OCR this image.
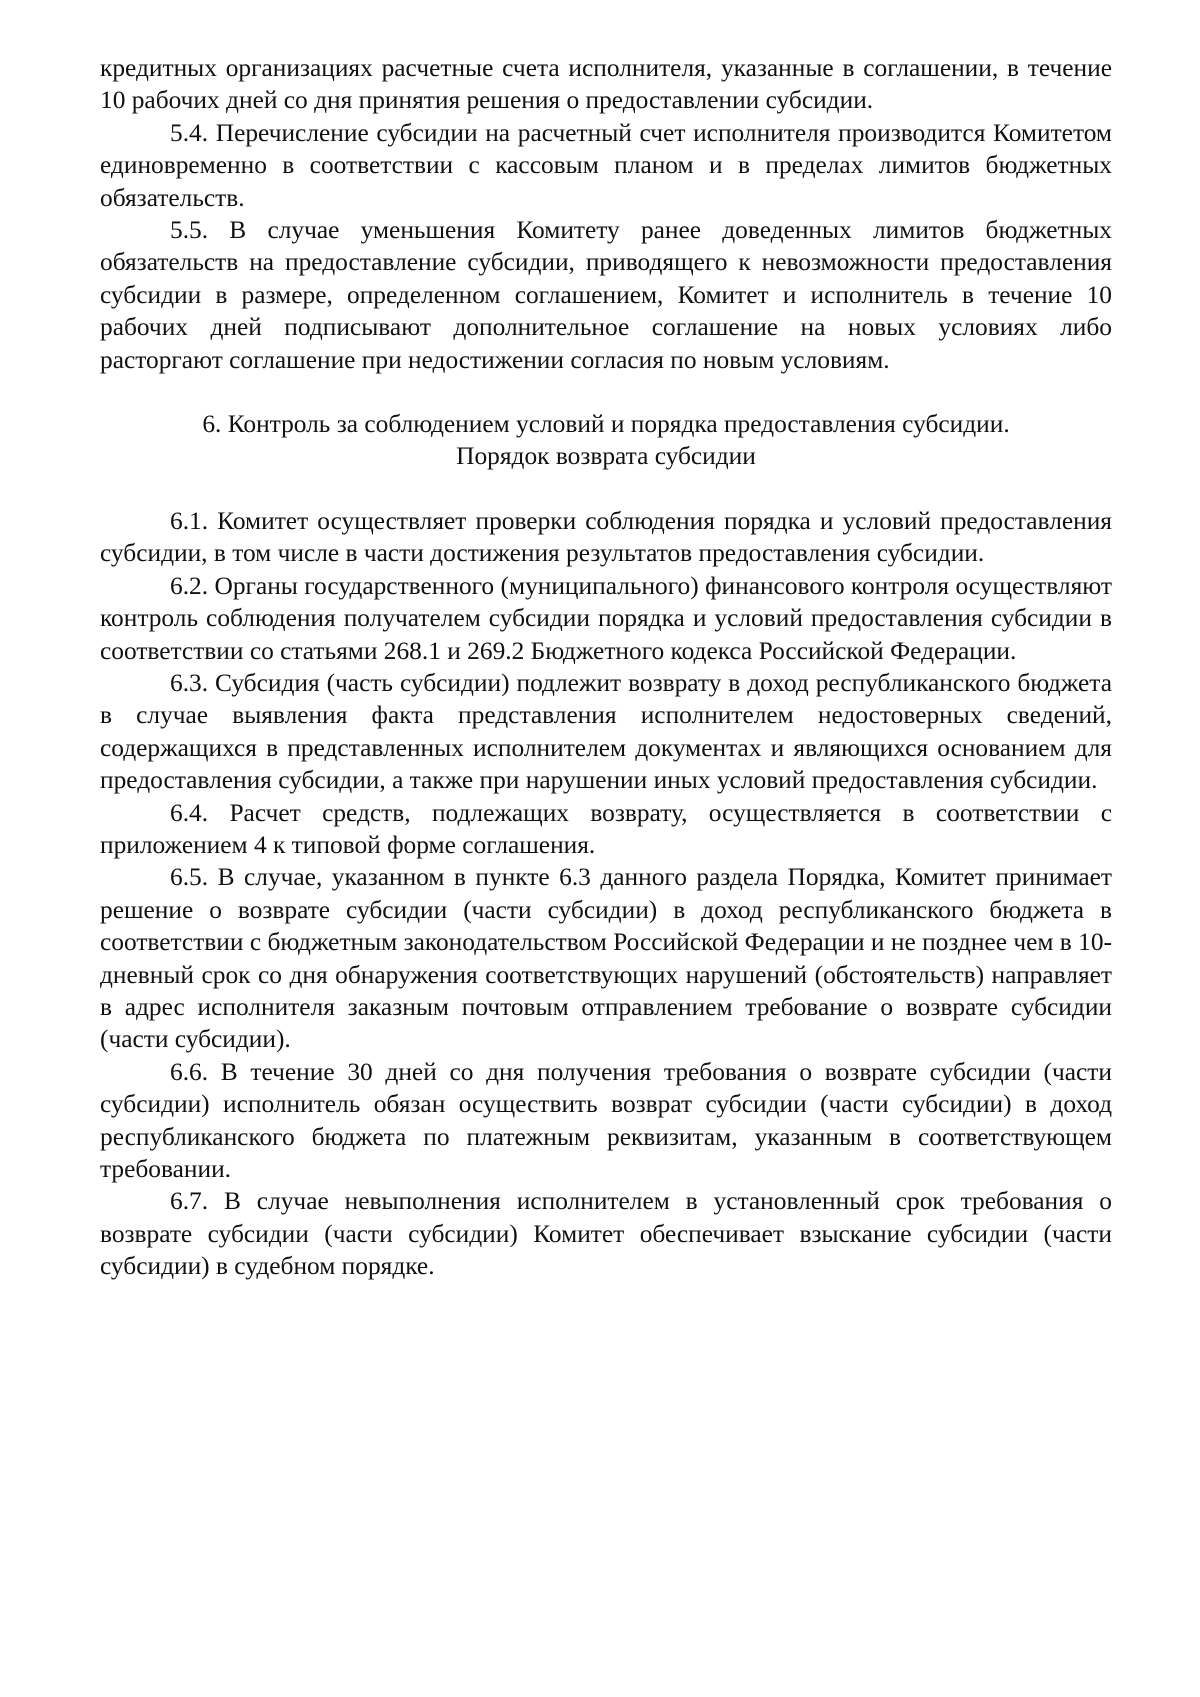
кредитных организациях расчетные счета исполнителя, указанные в соглашении, в течение 10 рабочих дней со дня принятия решения о предоставлении субсидии.

5.4. Перечисление субсидии на расчетный счет исполнителя производится Комитетом единовременно в соответствии с кассовым планом и в пределах лимитов бюджетных обязательств.

5.5. В случае уменьшения Комитету ранее доведенных лимитов бюджетных обязательств на предоставление субсидии, приводящего к невозможности предоставления субсидии в размере, определенном соглашением, Комитет и исполнитель в течение 10 рабочих дней подписывают дополнительное соглашение на новых условиях либо расторгают соглашение при недостижении согласия по новым условиям.

6. Контроль за соблюдением условий и порядка предоставления субсидии.
Порядок возврата субсидии

6.1. Комитет осуществляет проверки соблюдения порядка и условий предоставления субсидии, в том числе в части достижения результатов предоставления субсидии.

6.2. Органы государственного (муниципального) финансового контроля осуществляют контроль соблюдения получателем субсидии порядка и условий предоставления субсидии в соответствии со статьями 268.1 и 269.2 Бюджетного кодекса Российской Федерации.

6.3. Субсидия (часть субсидии) подлежит возврату в доход республиканского бюджета в случае выявления факта представления исполнителем недостоверных сведений, содержащихся в представленных исполнителем документах и являющихся основанием для предоставления субсидии, а также при нарушении иных условий предоставления субсидии.

6.4. Расчет средств, подлежащих возврату, осуществляется в соответствии с приложением 4 к типовой форме соглашения.

6.5. В случае, указанном в пункте 6.3 данного раздела Порядка, Комитет принимает решение о возврате субсидии (части субсидии) в доход республиканского бюджета в соответствии с бюджетным законодательством Российской Федерации и не позднее чем в 10-дневный срок со дня обнаружения соответствующих нарушений (обстоятельств) направляет в адрес исполнителя заказным почтовым отправлением требование о возврате субсидии (части субсидии).

6.6. В течение 30 дней со дня получения требования о возврате субсидии (части субсидии) исполнитель обязан осуществить возврат субсидии (части субсидии) в доход республиканского бюджета по платежным реквизитам, указанным в соответствующем требовании.

6.7. В случае невыполнения исполнителем в установленный срок требования о возврате субсидии (части субсидии) Комитет обеспечивает взыскание субсидии (части субсидии) в судебном порядке.
